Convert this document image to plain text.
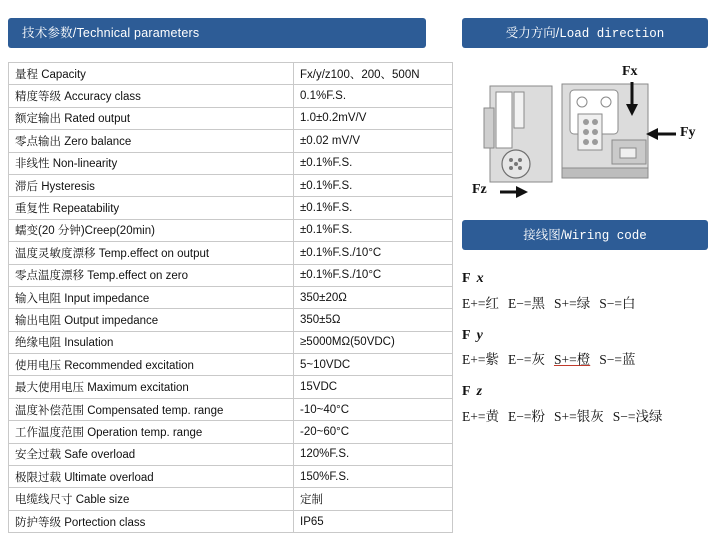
技术参数/Technical parameters
量程 Capacity	Fx/y/z100、200、500N
精度等级 Accuracy class	0.1%F.S.
额定输出 Rated output	1.0±0.2mV/V
零点输出 Zero balance	±0.02 mV/V
非线性 Non-linearity	±0.1%F.S.
滞后 Hysteresis	±0.1%F.S.
重复性 Repeatability	±0.1%F.S.
蠕变(20 分钟)Creep(20min)	±0.1%F.S.
温度灵敏度漂移 Temp.effect on output	±0.1%F.S./10°C
零点温度漂移 Temp.effect on zero	±0.1%F.S./10°C
输入电阻 Input impedance	350±20Ω
输出电阻 Output impedance	350±5Ω
绝缘电阻 Insulation	≥5000MΩ(50VDC)
使用电压 Recommended excitation	5~10VDC
最大使用电压 Maximum excitation	15VDC
温度补偿范围 Compensated temp. range	-10~40°C
工作温度范围 Operation temp. range	-20~60°C
安全过载 Safe overload	120%F.S.
极限过载 Ultimate overload	150%F.S.
电缆线尺寸 Cable size	定制
防护等级 Portection class	IP65
受力方向/Load direction
Fx
Fy
Fz
接线图/Wiring code
F x
E+=红 E−=黑 S+=绿 S−=白
F y
E+=紫 E−=灰 S+=橙 S−=蓝
F z
E+=黄 E−=粉 S+=银灰 S−=浅绿
